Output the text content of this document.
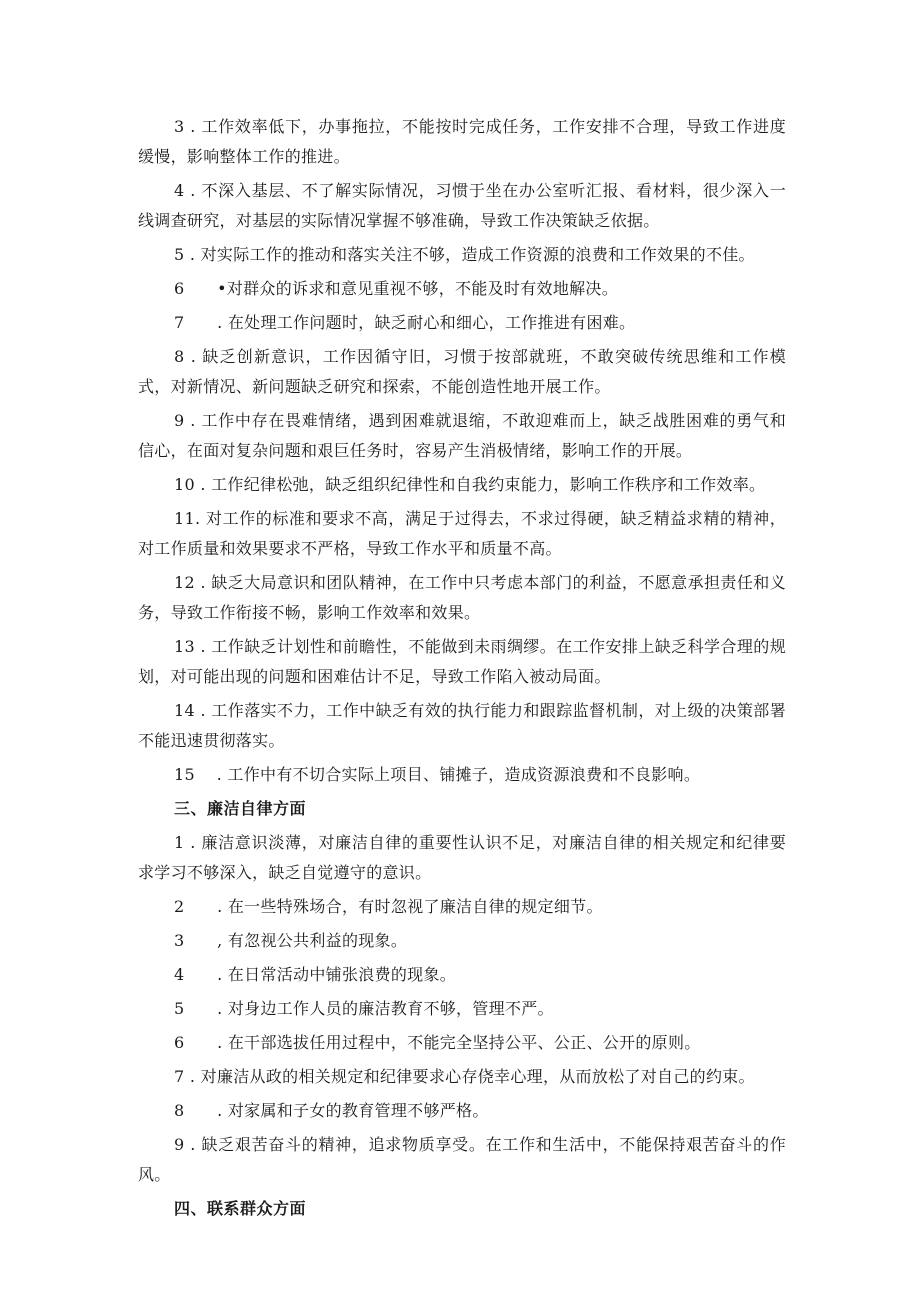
3 . 工作效率低下，办事拖拉，不能按时完成任务，工作安排不合理，导致工作进度缓慢，影响整体工作的推进。

4 . 不深入基层、不了解实际情况，习惯于坐在办公室听汇报、看材料，很少深入一线调查研究，对基层的实际情况掌握不够准确，导致工作决策缺乏依据。

5 . 对实际工作的推动和落实关注不够，造成工作资源的浪费和工作效果的不佳。

6　　•对群众的诉求和意见重视不够，不能及时有效地解决。

7　　. 在处理工作问题时，缺乏耐心和细心，工作推进有困难。

8 . 缺乏创新意识，工作因循守旧，习惯于按部就班，不敢突破传统思维和工作模式，对新情况、新问题缺乏研究和探索，不能创造性地开展工作。

9 . 工作中存在畏难情绪，遇到困难就退缩，不敢迎难而上，缺乏战胜困难的勇气和信心，在面对复杂问题和艰巨任务时，容易产生消极情绪，影响工作的开展。

10 . 工作纪律松弛，缺乏组织纪律性和自我约束能力，影响工作秩序和工作效率。

11. 对工作的标准和要求不高，满足于过得去，不求过得硬，缺乏精益求精的精神，对工作质量和效果要求不严格，导致工作水平和质量不高。

12 . 缺乏大局意识和团队精神，在工作中只考虑本部门的利益，不愿意承担责任和义务，导致工作衔接不畅，影响工作效率和效果。

13 . 工作缺乏计划性和前瞻性，不能做到未雨绸缪。在工作安排上缺乏科学合理的规划，对可能出现的问题和困难估计不足，导致工作陷入被动局面。

14 . 工作落实不力，工作中缺乏有效的执行能力和跟踪监督机制，对上级的决策部署不能迅速贯彻落实。

15　 . 工作中有不切合实际上项目、铺摊子，造成资源浪费和不良影响。

三、廉洁自律方面

1 . 廉洁意识淡薄，对廉洁自律的重要性认识不足，对廉洁自律的相关规定和纪律要求学习不够深入，缺乏自觉遵守的意识。

2　　. 在一些特殊场合，有时忽视了廉洁自律的规定细节。

3　　, 有忽视公共利益的现象。

4　　. 在日常活动中铺张浪费的现象。

5　　. 对身边工作人员的廉洁教育不够，管理不严。

6　　. 在干部选拔任用过程中，不能完全坚持公平、公正、公开的原则。

7 . 对廉洁从政的相关规定和纪律要求心存侥幸心理，从而放松了对自己的约束。

8　　. 对家属和子女的教育管理不够严格。

9 . 缺乏艰苦奋斗的精神，追求物质享受。在工作和生活中，不能保持艰苦奋斗的作风。

四、联系群众方面
